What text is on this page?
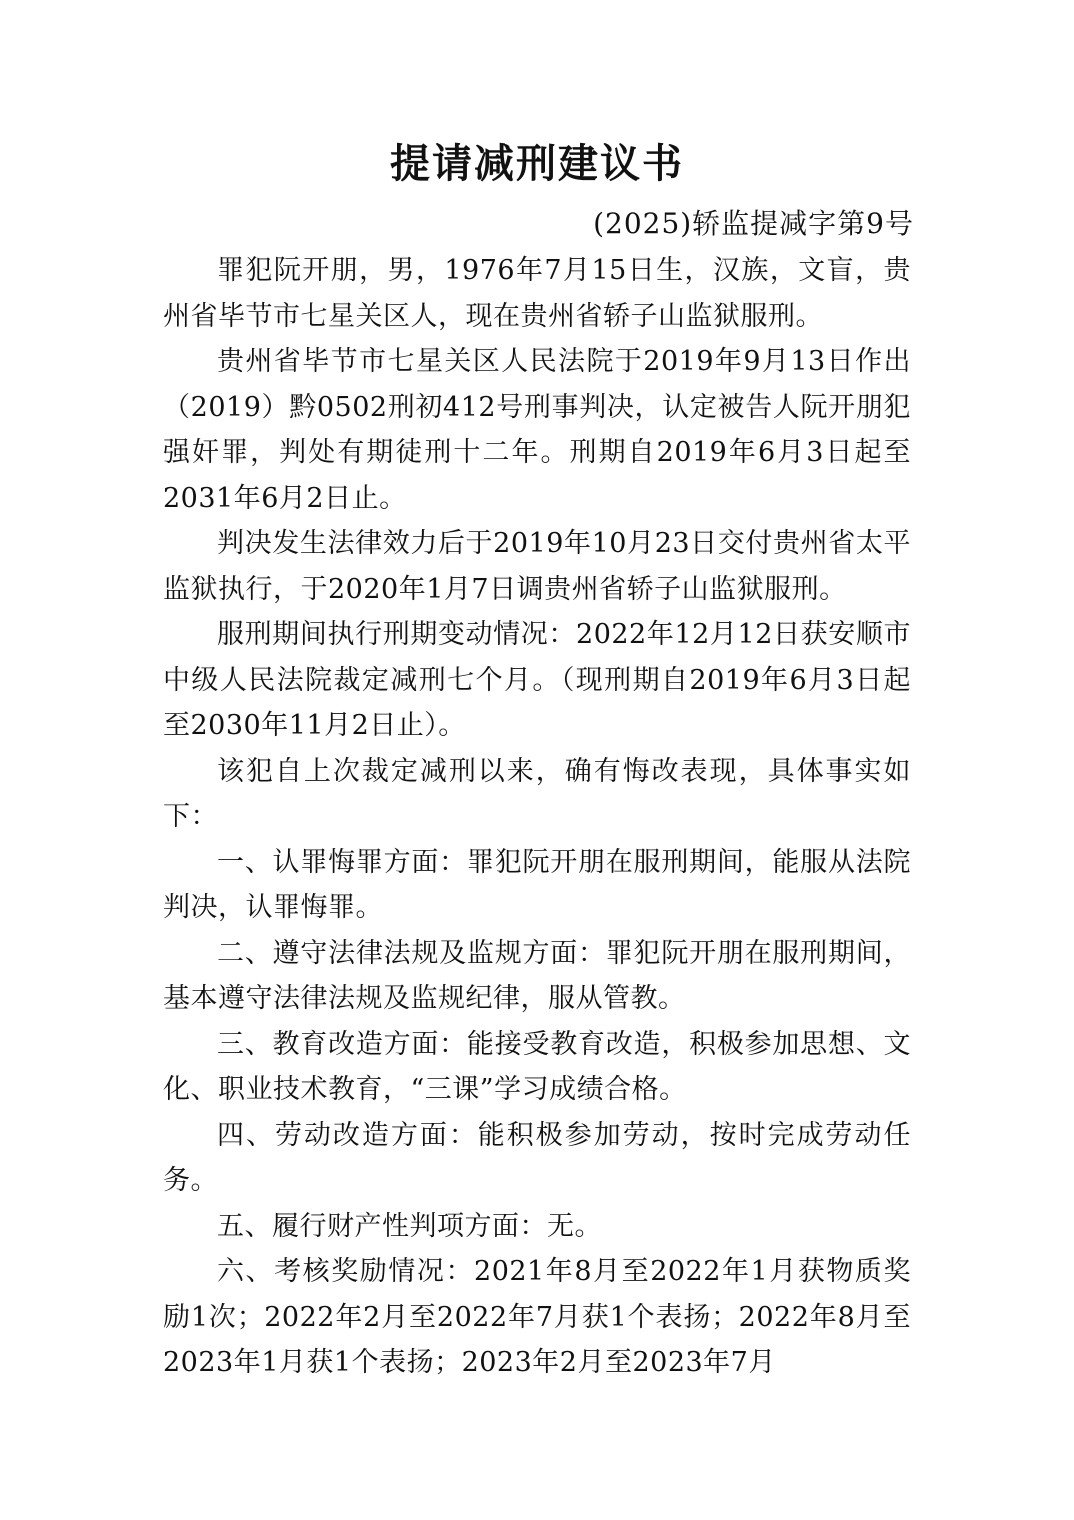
提请减刑建议书
(2025)轿监提减字第9号

罪犯阮开朋，男，1976年7月15日生，汉族，文盲，贵州省毕节市七星关区人，现在贵州省轿子山监狱服刑。

贵州省毕节市七星关区人民法院于2019年9月13日作出（2019）黔0502刑初412号刑事判决，认定被告人阮开朋犯强奸罪，判处有期徒刑十二年。刑期自2019年6月3日起至2031年6月2日止。

判决发生法律效力后于2019年10月23日交付贵州省太平监狱执行，于2020年1月7日调贵州省轿子山监狱服刑。

服刑期间执行刑期变动情况：2022年12月12日获安顺市中级人民法院裁定减刑七个月。（现刑期自2019年6月3日起至2030年11月2日止）。

该犯自上次裁定减刑以来，确有悔改表现，具体事实如下：

一、认罪悔罪方面：罪犯阮开朋在服刑期间，能服从法院判决，认罪悔罪。

二、遵守法律法规及监规方面：罪犯阮开朋在服刑期间，基本遵守法律法规及监规纪律，服从管教。

三、教育改造方面：能接受教育改造，积极参加思想、文化、职业技术教育，“三课”学习成绩合格。

四、劳动改造方面：能积极参加劳动，按时完成劳动任务。

五、履行财产性判项方面：无。

六、考核奖励情况：2021年8月至2022年1月获物质奖励1次；2022年2月至2022年7月获1个表扬；2022年8月至2023年1月获1个表扬；2023年2月至2023年7月
